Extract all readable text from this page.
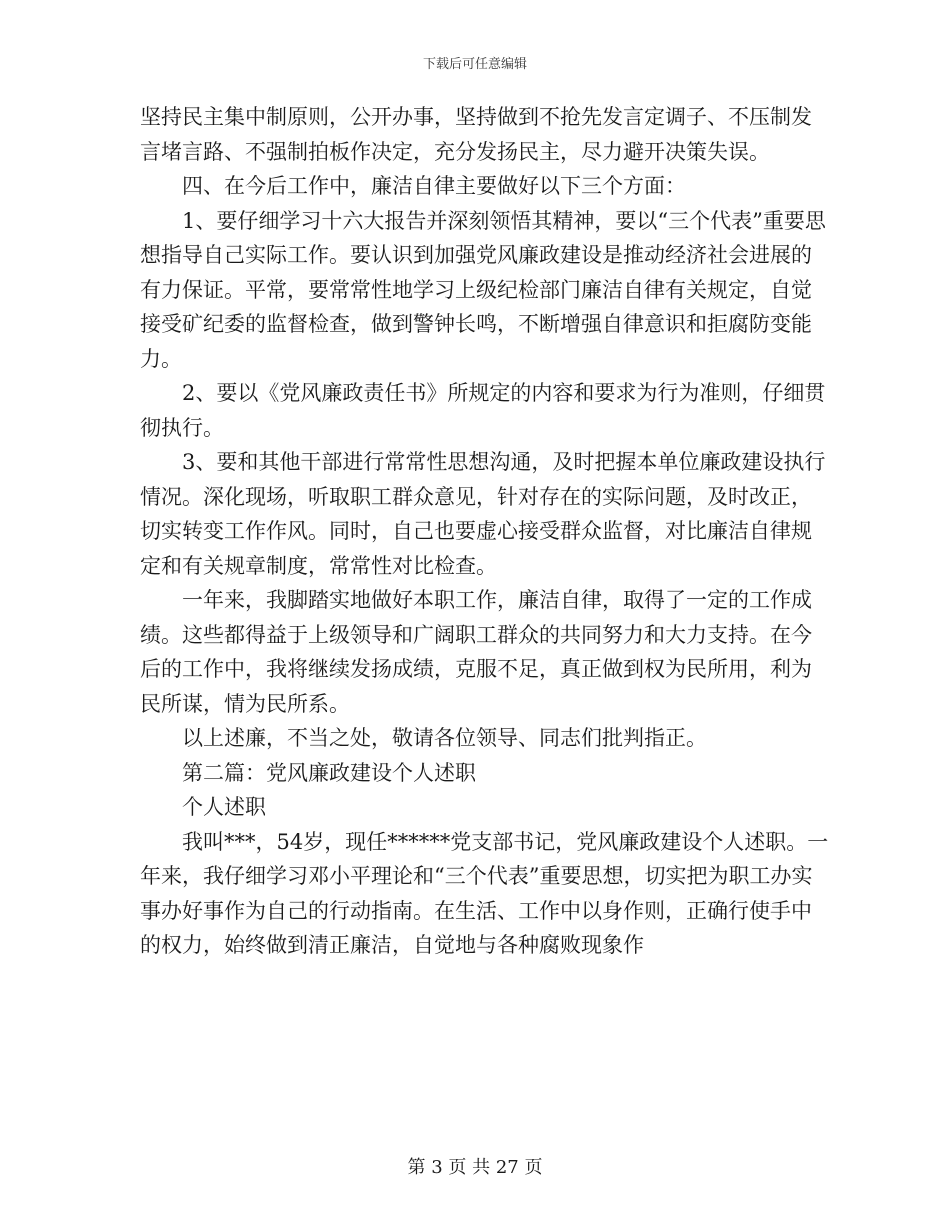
下载后可任意编辑

坚持民主集中制原则，公开办事，坚持做到不抢先发言定调子、不压制发言堵言路、不强制拍板作决定，充分发扬民主，尽力避开决策失误。

四、在今后工作中，廉洁自律主要做好以下三个方面：

1、要仔细学习十六大报告并深刻领悟其精神，要以“三个代表”重要思想指导自己实际工作。要认识到加强党风廉政建设是推动经济社会进展的有力保证。平常，要常常性地学习上级纪检部门廉洁自律有关规定，自觉接受矿纪委的监督检查，做到警钟长鸣，不断增强自律意识和拒腐防变能力。

2、要以《党风廉政责任书》所规定的内容和要求为行为准则，仔细贯彻执行。

3、要和其他干部进行常常性思想沟通，及时把握本单位廉政建设执行情况。深化现场，听取职工群众意见，针对存在的实际问题，及时改正，切实转变工作作风。同时，自己也要虚心接受群众监督，对比廉洁自律规定和有关规章制度，常常性对比检查。

一年来，我脚踏实地做好本职工作，廉洁自律，取得了一定的工作成绩。这些都得益于上级领导和广阔职工群众的共同努力和大力支持。在今后的工作中，我将继续发扬成绩，克服不足，真正做到权为民所用，利为民所谋，情为民所系。

以上述廉，不当之处，敬请各位领导、同志们批判指正。

第二篇：党风廉政建设个人述职

个人述职

我叫***，54岁，现任******党支部书记，党风廉政建设个人述职。一年来，我仔细学习邓小平理论和“三个代表”重要思想，切实把为职工办实事办好事作为自己的行动指南。在生活、工作中以身作则，正确行使手中的权力，始终做到清正廉洁，自觉地与各种腐败现象作

第 3 页 共 27 页
